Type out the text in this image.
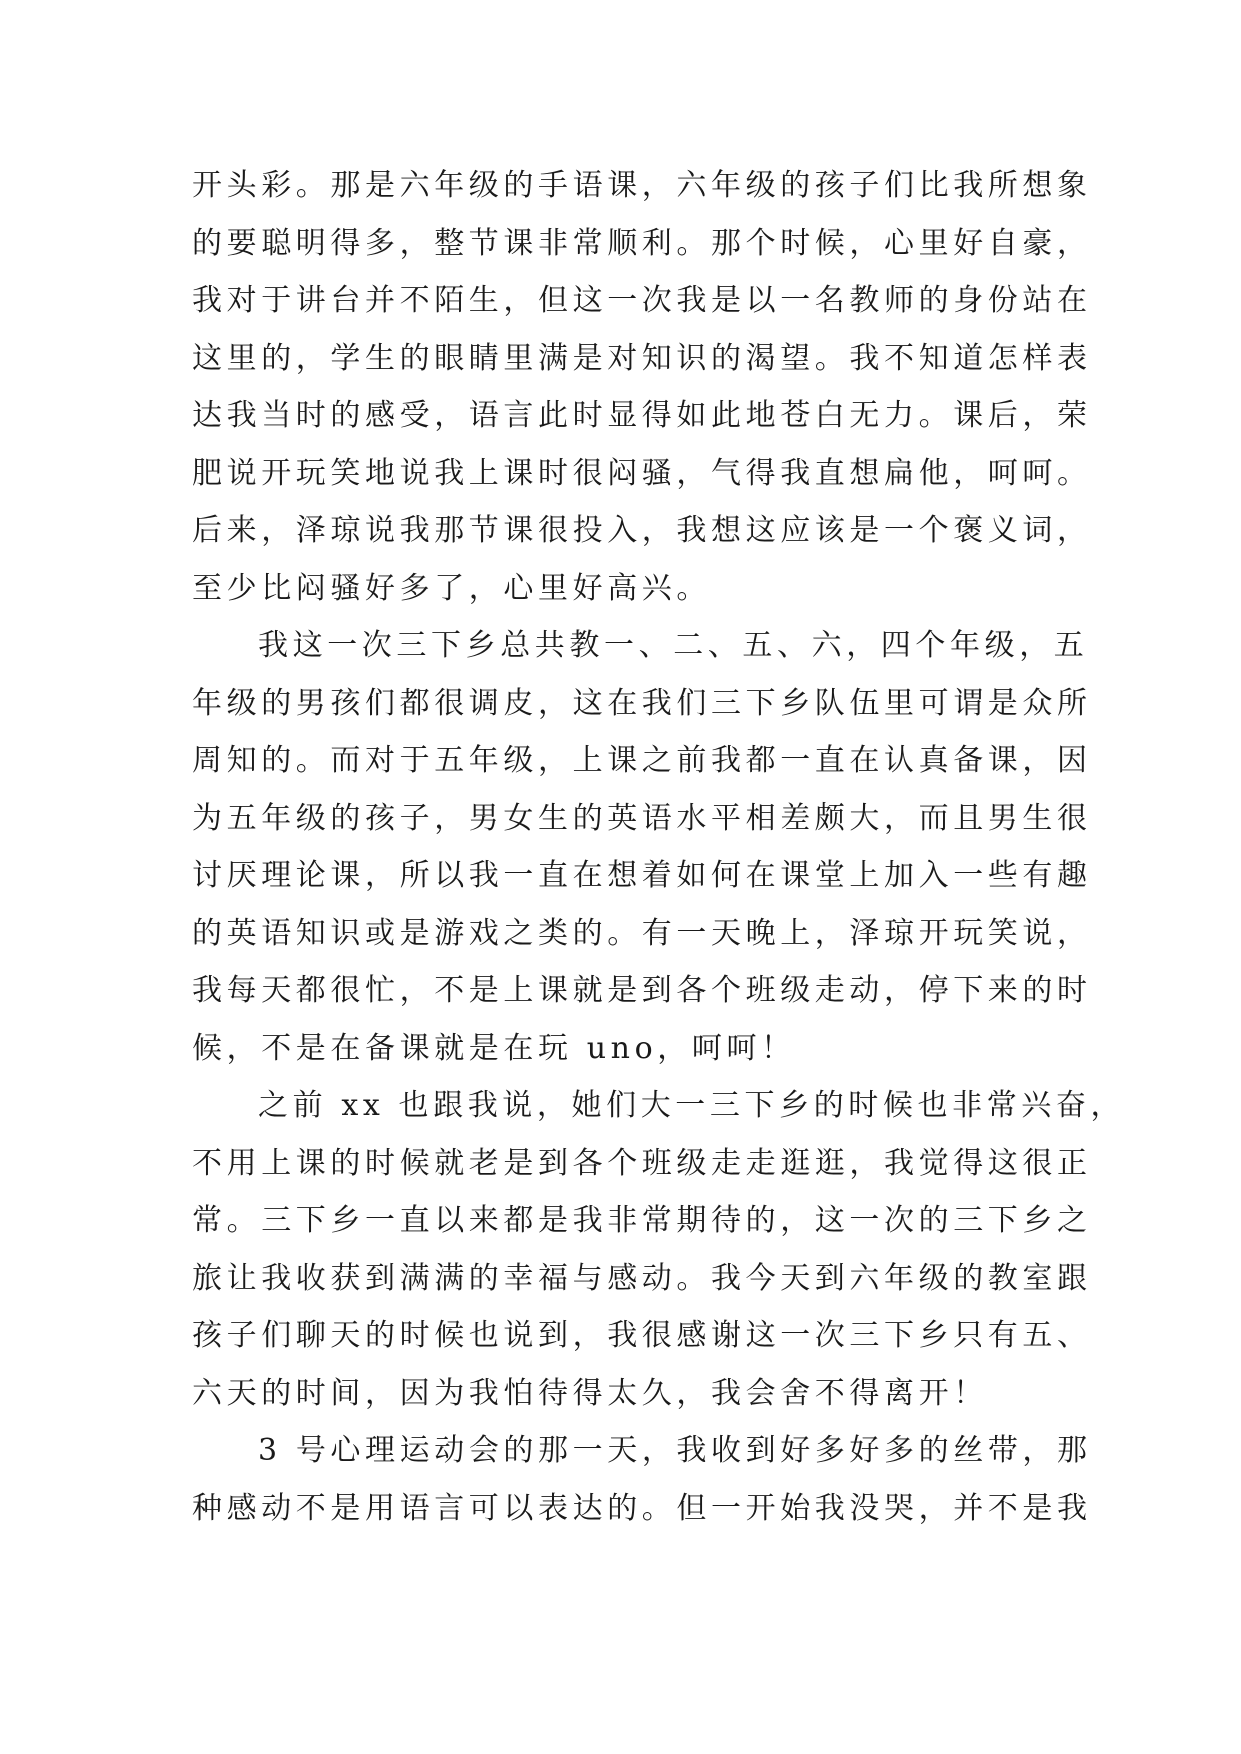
开头彩。那是六年级的手语课，六年级的孩子们比我所想象
的要聪明得多，整节课非常顺利。那个时候，心里好自豪，
我对于讲台并不陌生，但这一次我是以一名教师的身份站在
这里的，学生的眼睛里满是对知识的渴望。我不知道怎样表
达我当时的感受，语言此时显得如此地苍白无力。课后，荣
肥说开玩笑地说我上课时很闷骚，气得我直想扁他，呵呵。
后来，泽琼说我那节课很投入，我想这应该是一个褒义词，
至少比闷骚好多了，心里好高兴。
我这一次三下乡总共教一、二、五、六，四个年级，五
年级的男孩们都很调皮，这在我们三下乡队伍里可谓是众所
周知的。而对于五年级，上课之前我都一直在认真备课，因
为五年级的孩子，男女生的英语水平相差颇大，而且男生很
讨厌理论课，所以我一直在想着如何在课堂上加入一些有趣
的英语知识或是游戏之类的。有一天晚上，泽琼开玩笑说，
我每天都很忙，不是上课就是到各个班级走动，停下来的时
候，不是在备课就是在玩 uno，呵呵！
之前 xx 也跟我说，她们大一三下乡的时候也非常兴奋，
不用上课的时候就老是到各个班级走走逛逛，我觉得这很正
常。三下乡一直以来都是我非常期待的，这一次的三下乡之
旅让我收获到满满的幸福与感动。我今天到六年级的教室跟
孩子们聊天的时候也说到，我很感谢这一次三下乡只有五、
六天的时间，因为我怕待得太久，我会舍不得离开！
3 号心理运动会的那一天，我收到好多好多的丝带，那
种感动不是用语言可以表达的。但一开始我没哭，并不是我
